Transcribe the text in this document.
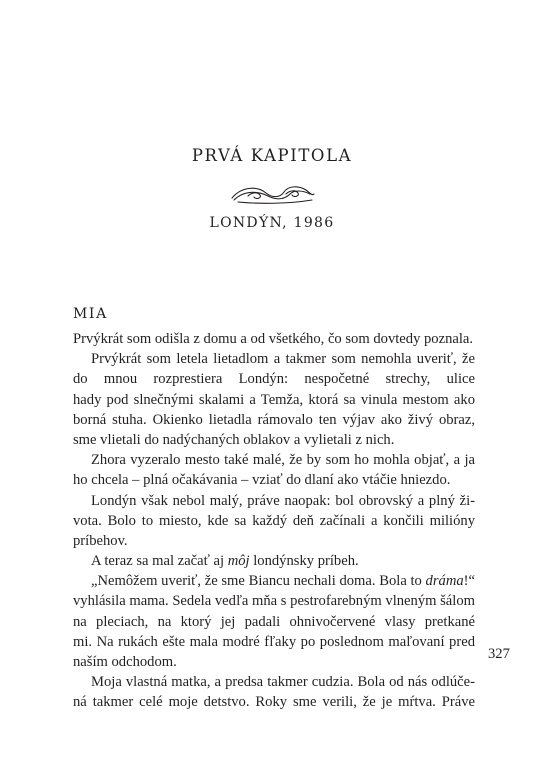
PRVÁ KAPITOLA
LONDÝN, 1986
MIA
Prvýkrát som odišla z domu a od všetkého, čo som dovtedy poznala.
Prvýkrát som letela lietadlom a takmer som nemohla uveriť, že
do mnou rozprestiera Londýn: nespočetné strechy, ulice
hady pod slnečnými skalami a Temža, ktorá sa vinula mestom ako
borná stuha. Okienko lietadla rámovalo ten výjav ako živý obraz,
sme vlietali do nadýchaných oblakov a vylietali z nich.
Zhora vyzeralo mesto také malé, že by som ho mohla objať, a ja
ho chcela – plná očakávania – vziať do dlaní ako vtáčie hniezdo.
Londýn však nebol malý, práve naopak: bol obrovský a plný ži-
vota. Bolo to miesto, kde sa každý deň začínali a končili milióny
príbehov.
A teraz sa mal začať aj môj londýnsky príbeh.
„Nemôžem uveriť, že sme Biancu nechali doma. Bola to dráma!“
vyhlásila mama. Sedela vedľa mňa s pestrofarebným vlneným šálom
na pleciach, na ktorý jej padali ohnivočervené vlasy pretkané
mi. Na rukách ešte mala modré fľaky po poslednom maľovaní pred
naším odchodom.
Moja vlastná matka, a predsa takmer cudzia. Bola od nás odlúče-
ná takmer celé moje detstvo. Roky sme verili, že je mŕtva. Práve
327
